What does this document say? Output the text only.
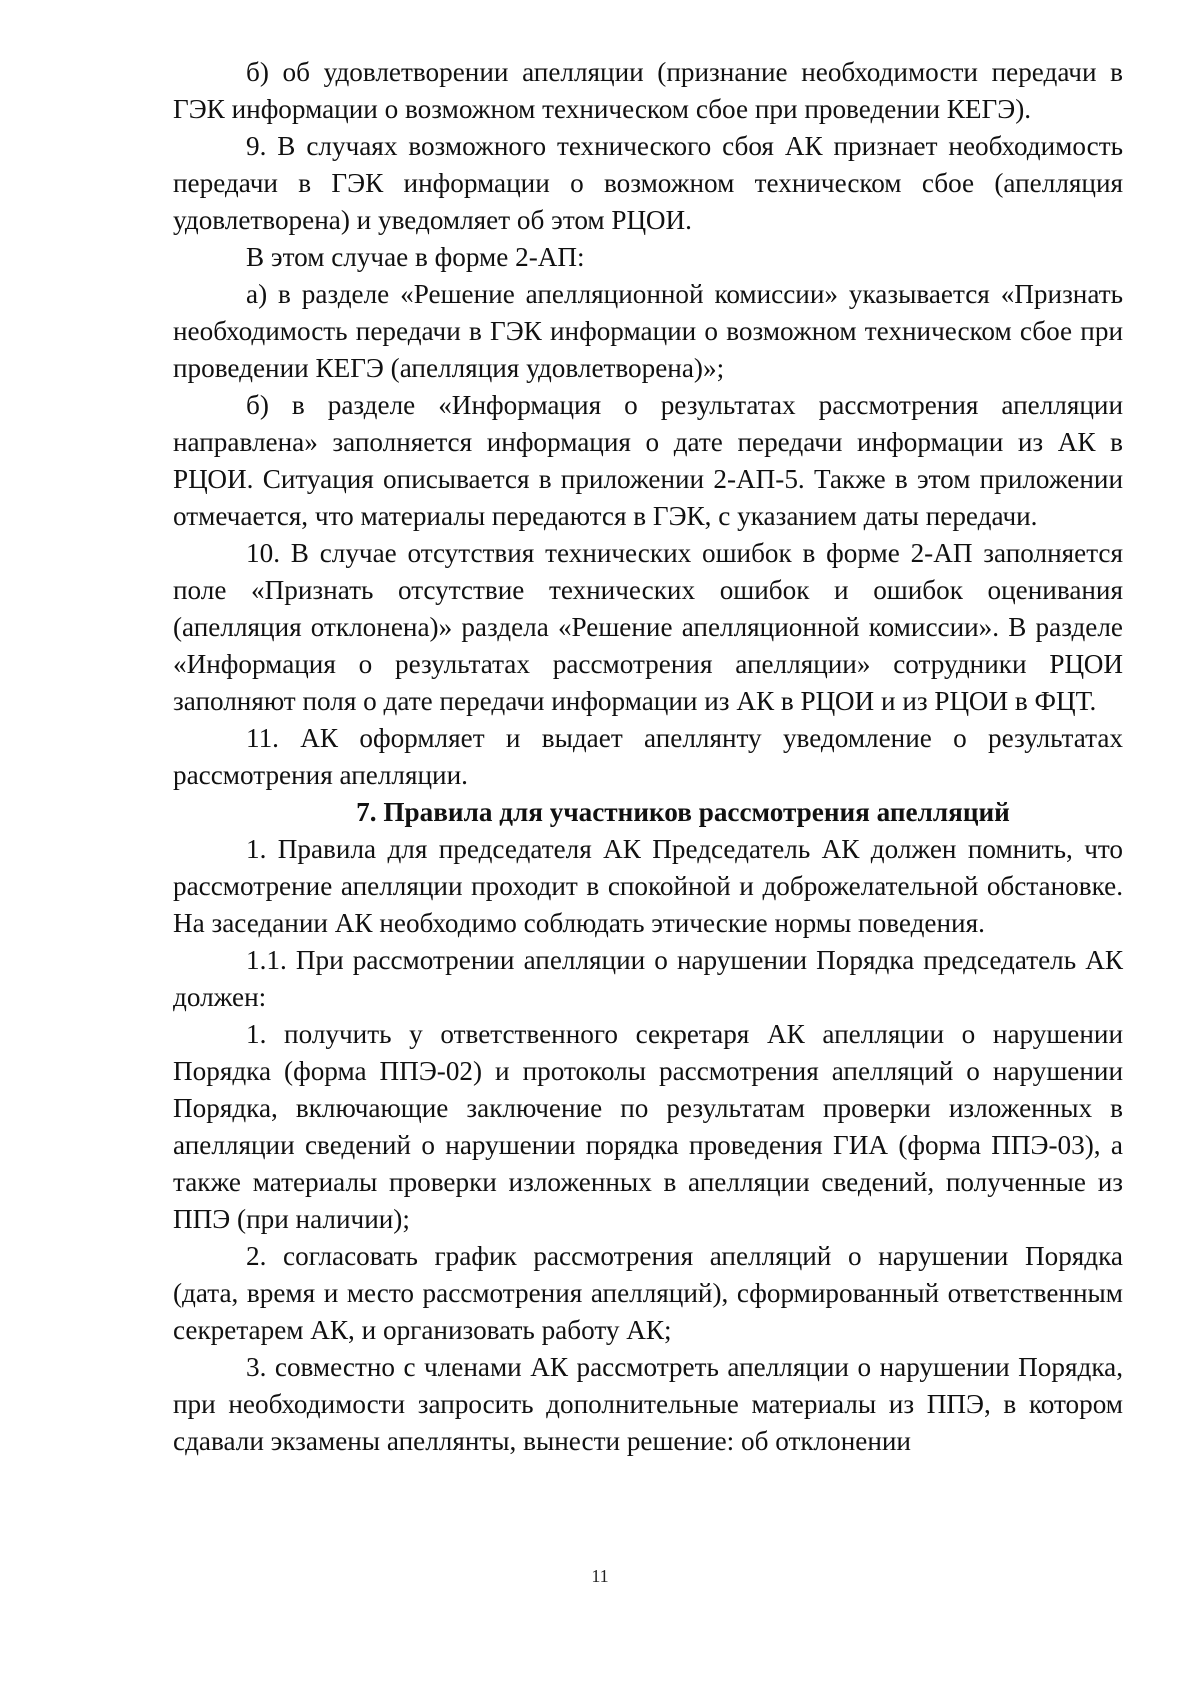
б) об удовлетворении апелляции (признание необходимости передачи в ГЭК информации о возможном техническом сбое при проведении КЕГЭ).

9. В случаях возможного технического сбоя АК признает необходимость передачи в ГЭК информации о возможном техническом сбое (апелляция удовлетворена) и уведомляет об этом РЦОИ.

В этом случае в форме 2-АП:

а) в разделе «Решение апелляционной комиссии» указывается «Признать необходимость передачи в ГЭК информации о возможном техническом сбое при проведении КЕГЭ (апелляция удовлетворена)»;

б) в разделе «Информация о результатах рассмотрения апелляции направлена» заполняется информация о дате передачи информации из АК в РЦОИ. Ситуация описывается в приложении 2-АП-5. Также в этом приложении отмечается, что материалы передаются в ГЭК, с указанием даты передачи.

10. В случае отсутствия технических ошибок в форме 2-АП заполняется поле «Признать отсутствие технических ошибок и ошибок оценивания (апелляция отклонена)» раздела «Решение апелляционной комиссии». В разделе «Информация о результатах рассмотрения апелляции» сотрудники РЦОИ заполняют поля о дате передачи информации из АК в РЦОИ и из РЦОИ в ФЦТ.

11. АК оформляет и выдает апеллянту уведомление о результатах рассмотрения апелляции.

7. Правила для участников рассмотрения апелляций

1. Правила для председателя АК Председатель АК должен помнить, что рассмотрение апелляции проходит в спокойной и доброжелательной обстановке. На заседании АК необходимо соблюдать этические нормы поведения.

1.1. При рассмотрении апелляции о нарушении Порядка председатель АК должен:

1. получить у ответственного секретаря АК апелляции о нарушении Порядка (форма ППЭ-02) и протоколы рассмотрения апелляций о нарушении Порядка, включающие заключение по результатам проверки изложенных в апелляции сведений о нарушении порядка проведения ГИА (форма ППЭ-03), а также материалы проверки изложенных в апелляции сведений, полученные из ППЭ (при наличии);

2. согласовать график рассмотрения апелляций о нарушении Порядка (дата, время и место рассмотрения апелляций), сформированный ответственным секретарем АК, и организовать работу АК;

3. совместно с членами АК рассмотреть апелляции о нарушении Порядка, при необходимости запросить дополнительные материалы из ППЭ, в котором сдавали экзамены апеллянты, вынести решение: об отклонении

11
